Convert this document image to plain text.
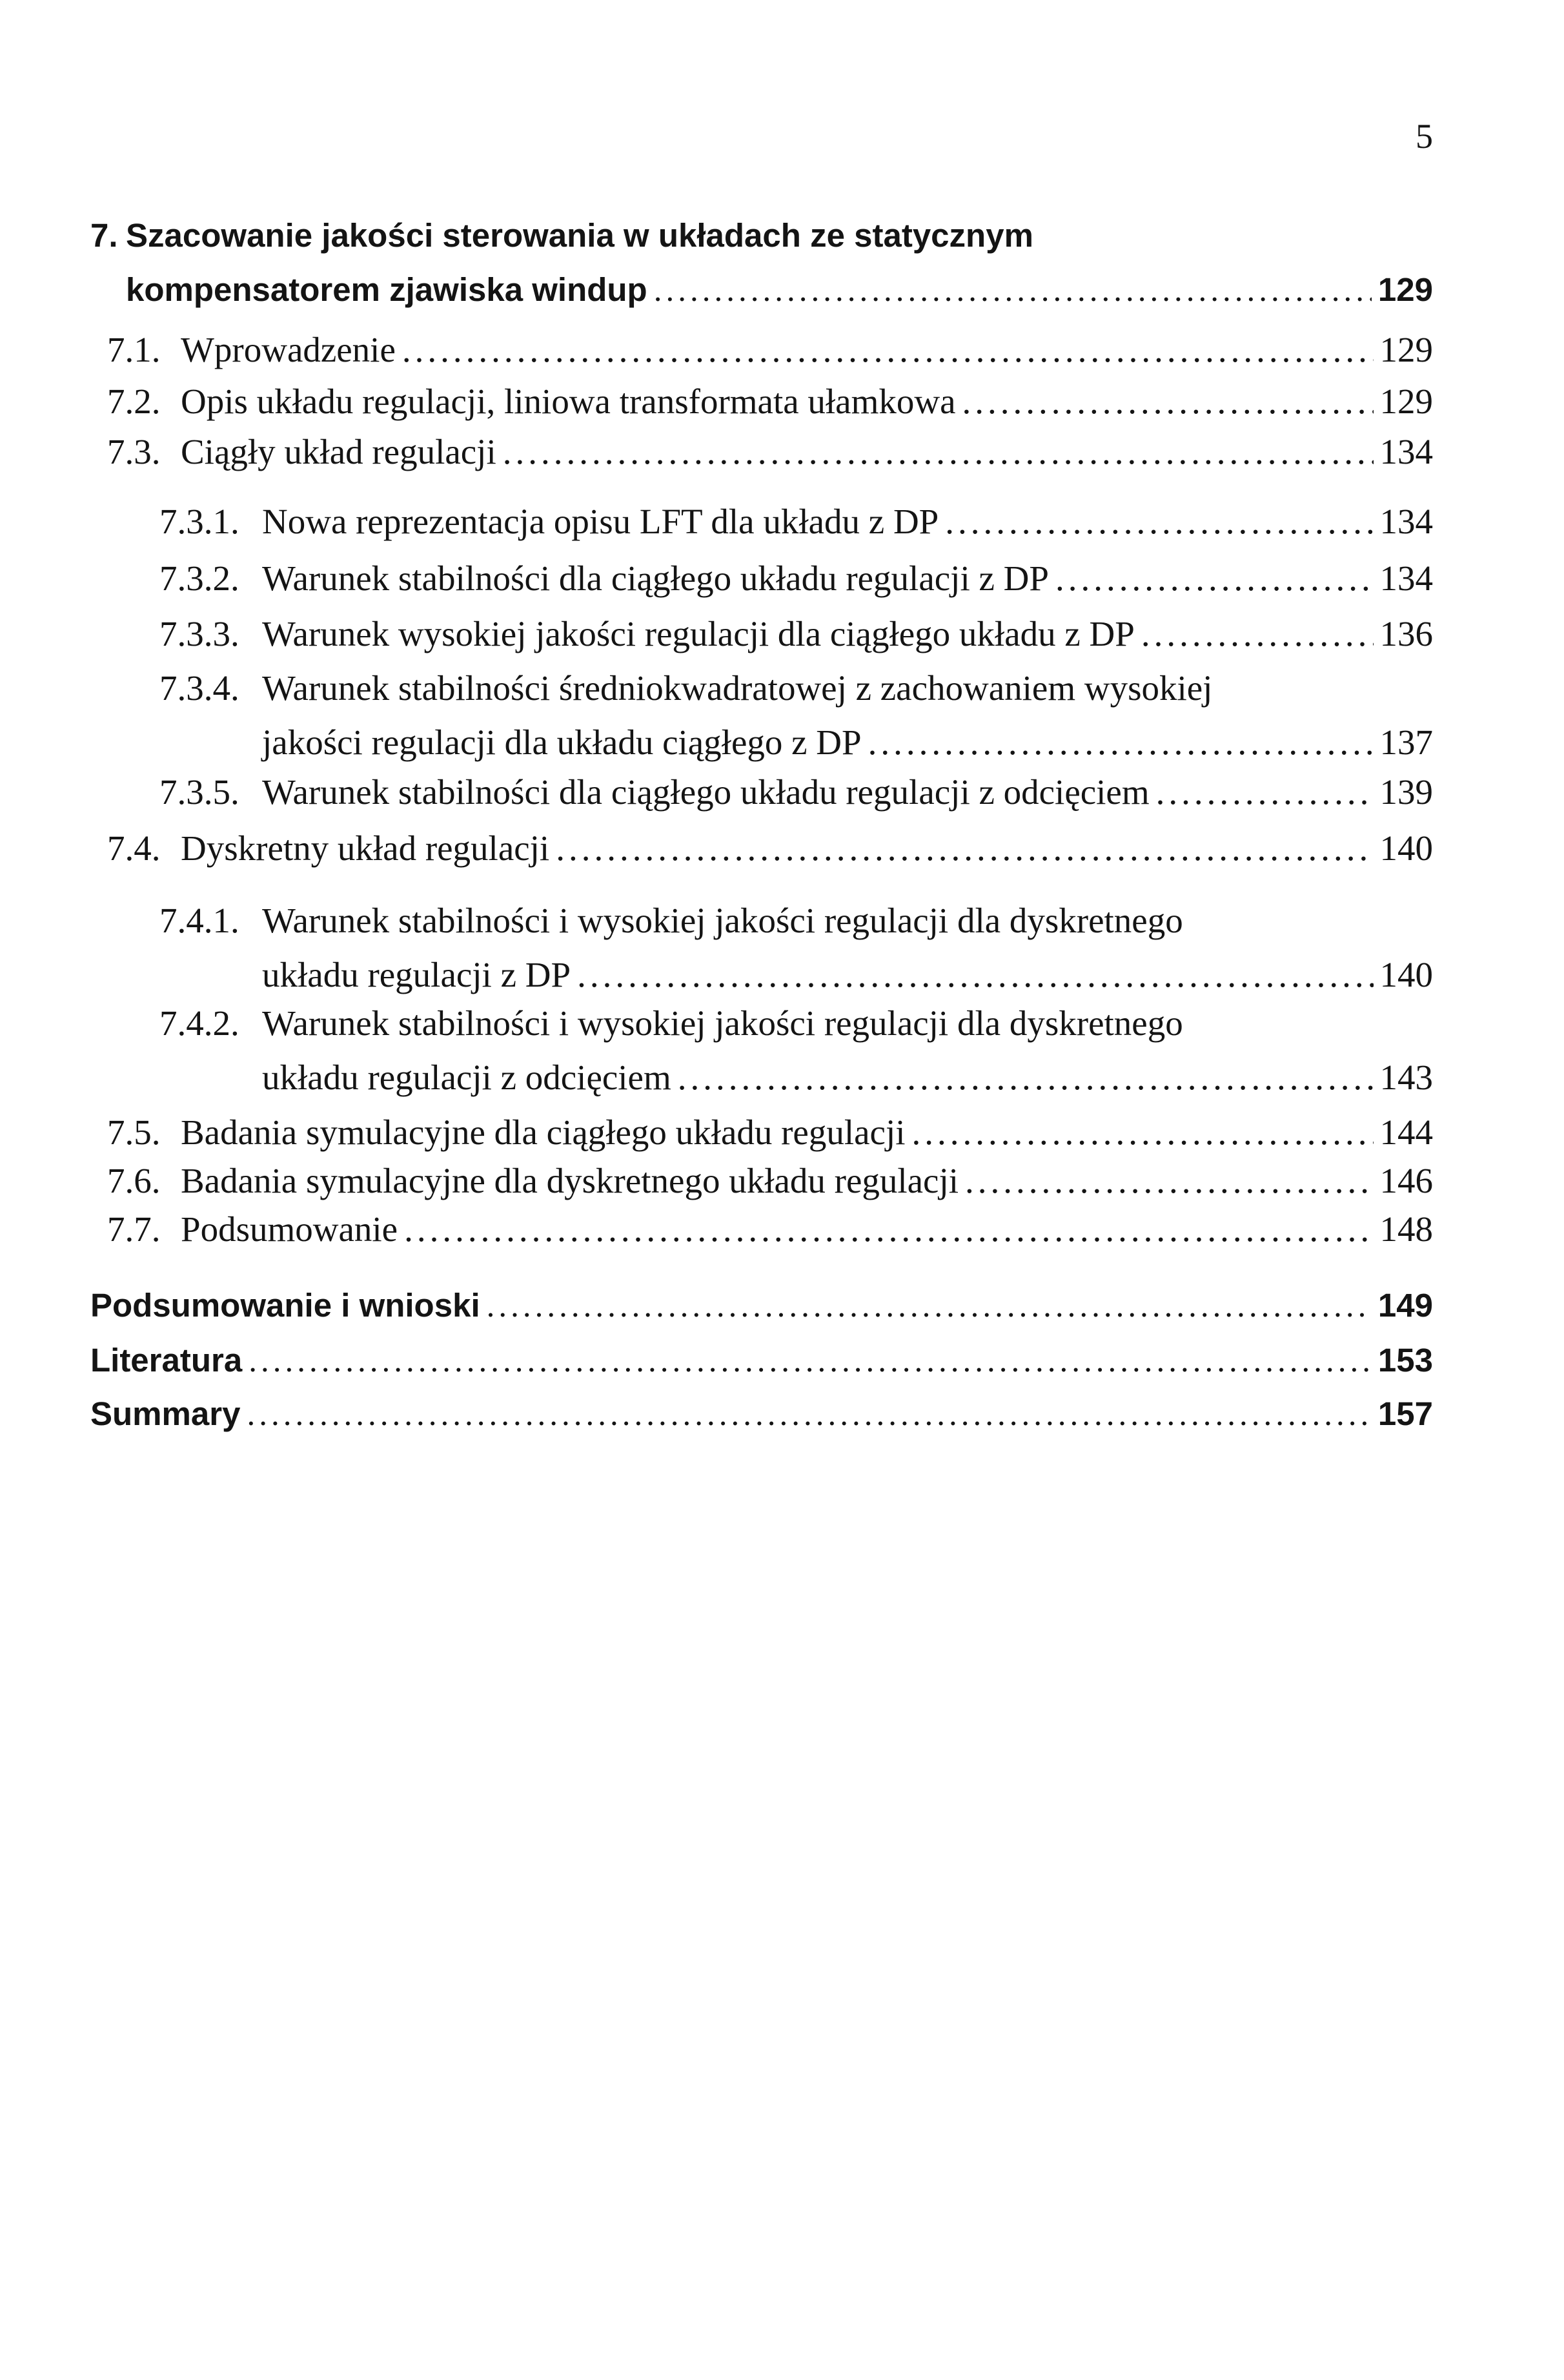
5
7. Szacowanie jakości sterowania w układach ze statycznym
kompensatorem zjawiska windup .....	129
7.1. Wprowadzenie .....	129
7.2. Opis układu regulacji, liniowa transformata ułamkowa .....	129
7.3. Ciągły układ regulacji .....	134
7.3.1. Nowa reprezentacja opisu LFT dla układu z DP .....	134
7.3.2. Warunek stabilności dla ciągłego układu regulacji z DP .....	134
7.3.3. Warunek wysokiej jakości regulacji dla ciągłego układu z DP .....	136
7.3.4. Warunek stabilności średniokwadratowej z zachowaniem wysokiej
jakości regulacji dla układu ciągłego z DP .....	137
7.3.5. Warunek stabilności dla ciągłego układu regulacji z odcięciem .....	139
7.4. Dyskretny układ regulacji .....	140
7.4.1. Warunek stabilności i wysokiej jakości regulacji dla dyskretnego
układu regulacji z DP .....	140
7.4.2. Warunek stabilności i wysokiej jakości regulacji dla dyskretnego
układu regulacji z odcięciem .....	143
7.5. Badania symulacyjne dla ciągłego układu regulacji .....	144
7.6. Badania symulacyjne dla dyskretnego układu regulacji .....	146
7.7. Podsumowanie .....	148
Podsumowanie i wnioski .....	149
Literatura .....	153
Summary .....	157
